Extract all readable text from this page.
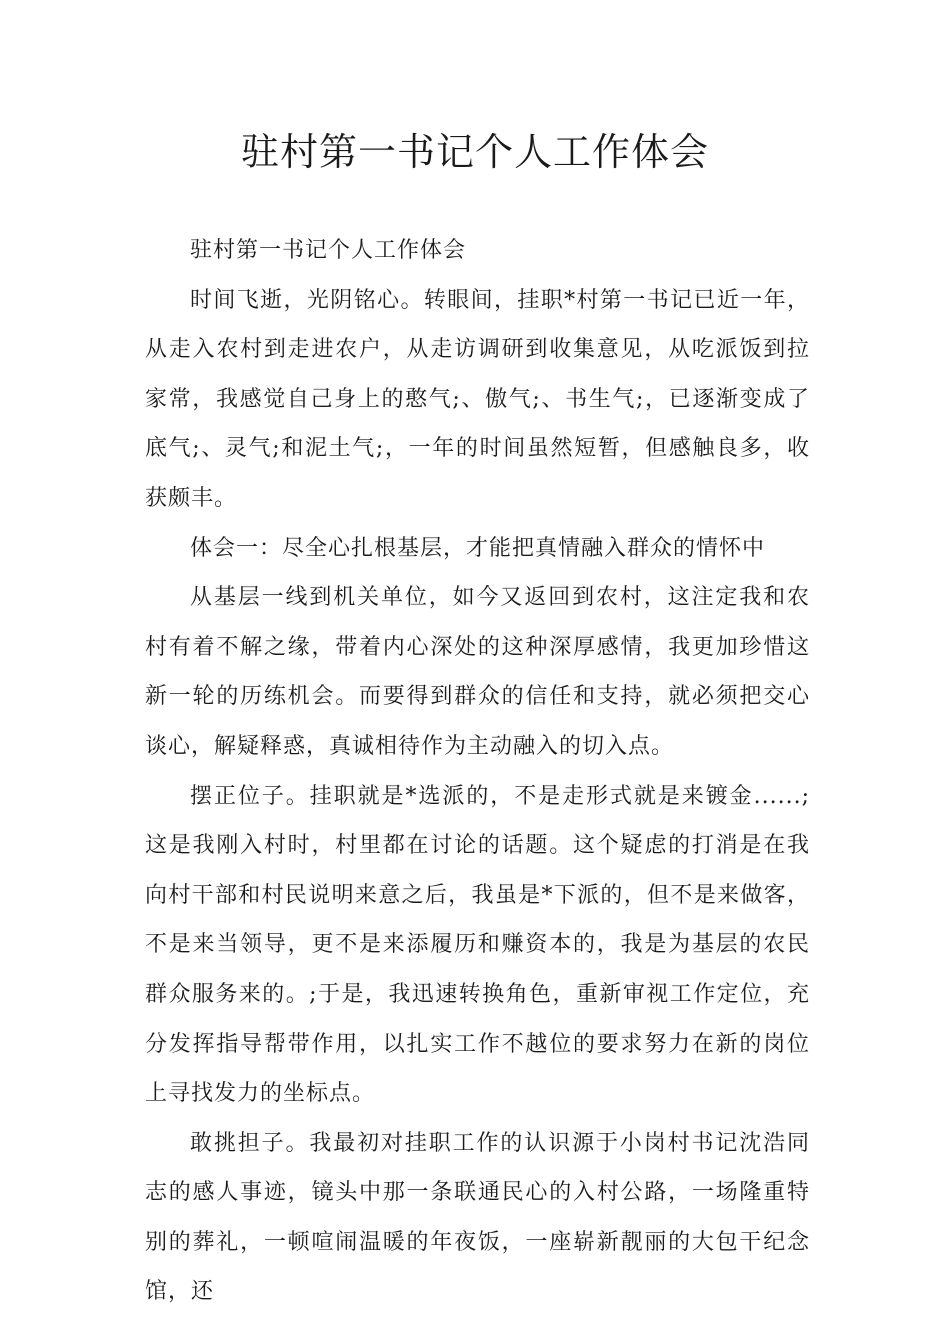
驻村第一书记个人工作体会

驻村第一书记个人工作体会

时间飞逝，光阴铭心。转眼间，挂职*村第一书记已近一年，从走入农村到走进农户，从走访调研到收集意见，从吃派饭到拉家常，我感觉自己身上的憨气;、傲气;、书生气;，已逐渐变成了底气;、灵气;和泥土气;，一年的时间虽然短暂，但感触良多，收获颇丰。

体会一：尽全心扎根基层，才能把真情融入群众的情怀中

从基层一线到机关单位，如今又返回到农村，这注定我和农村有着不解之缘，带着内心深处的这种深厚感情，我更加珍惜这新一轮的历练机会。而要得到群众的信任和支持，就必须把交心谈心，解疑释惑，真诚相待作为主动融入的切入点。

摆正位子。挂职就是*选派的，不是走形式就是来镀金......;这是我刚入村时，村里都在讨论的话题。这个疑虑的打消是在我向村干部和村民说明来意之后，我虽是*下派的，但不是来做客，不是来当领导，更不是来添履历和赚资本的，我是为基层的农民群众服务来的。;于是，我迅速转换角色，重新审视工作定位，充分发挥指导帮带作用，以扎实工作不越位的要求努力在新的岗位上寻找发力的坐标点。

敢挑担子。我最初对挂职工作的认识源于小岗村书记沈浩同志的感人事迹，镜头中那一条联通民心的入村公路，一场隆重特别的葬礼，一顿喧闹温暖的年夜饭，一座崭新靓丽的大包干纪念馆，还
